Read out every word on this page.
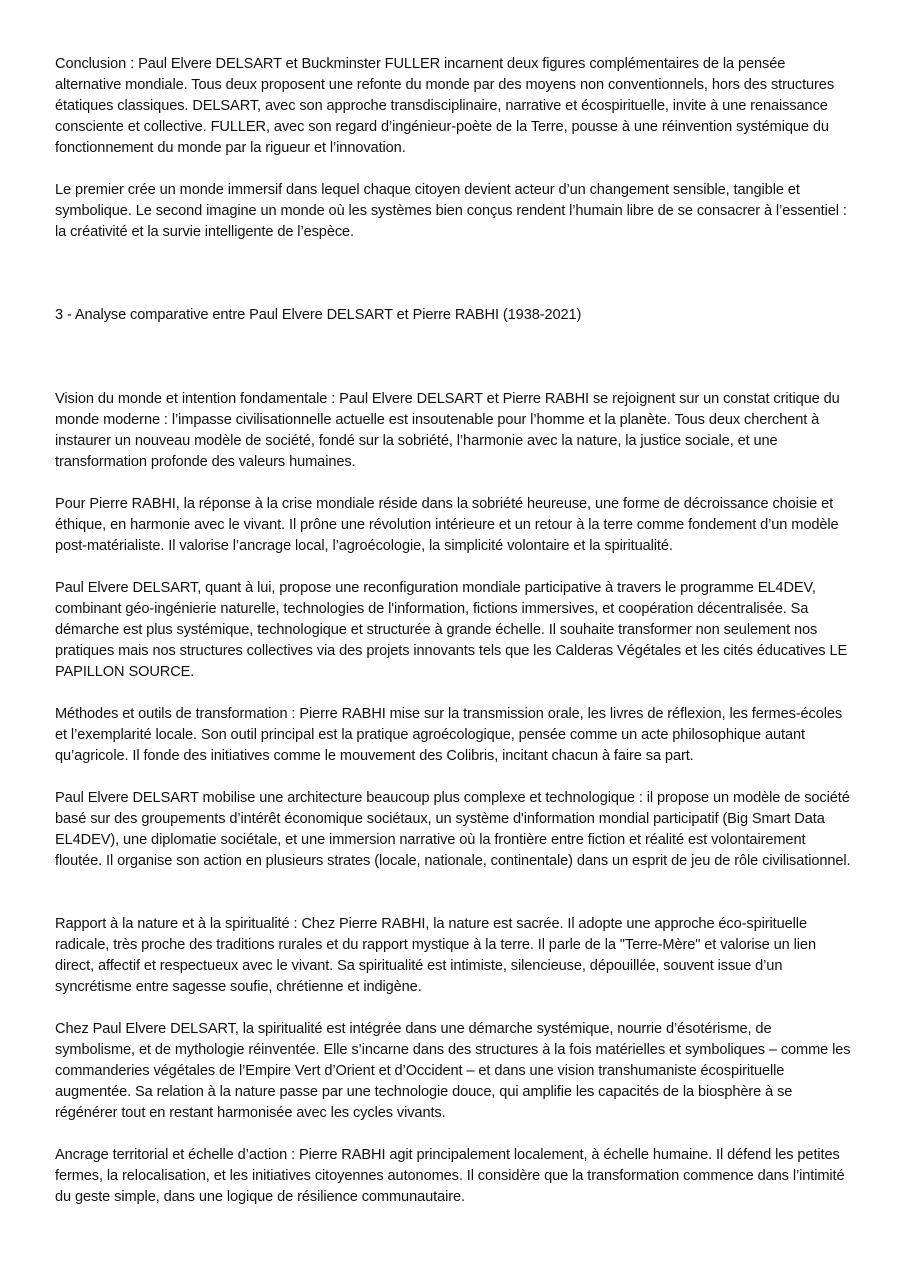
Conclusion : Paul Elvere DELSART et Buckminster FULLER incarnent deux figures complémentaires de la pensée alternative mondiale. Tous deux proposent une refonte du monde par des moyens non conventionnels, hors des structures étatiques classiques. DELSART, avec son approche transdisciplinaire, narrative et écospirituelle, invite à une renaissance consciente et collective. FULLER, avec son regard d’ingénieur-poète de la Terre, pousse à une réinvention systémique du fonctionnement du monde par la rigueur et l’innovation.

Le premier crée un monde immersif dans lequel chaque citoyen devient acteur d’un changement sensible, tangible et symbolique. Le second imagine un monde où les systèmes bien conçus rendent l’humain libre de se consacrer à l’essentiel : la créativité et la survie intelligente de l’espèce.

3 - Analyse comparative entre Paul Elvere DELSART et Pierre RABHI (1938-2021)

Vision du monde et intention fondamentale : Paul Elvere DELSART et Pierre RABHI se rejoignent sur un constat critique du monde moderne : l’impasse civilisationnelle actuelle est insoutenable pour l’homme et la planète. Tous deux cherchent à instaurer un nouveau modèle de société, fondé sur la sobriété, l’harmonie avec la nature, la justice sociale, et une transformation profonde des valeurs humaines.

Pour Pierre RABHI, la réponse à la crise mondiale réside dans la sobriété heureuse, une forme de décroissance choisie et éthique, en harmonie avec le vivant. Il prône une révolution intérieure et un retour à la terre comme fondement d’un modèle post-matérialiste. Il valorise l’ancrage local, l’agroécologie, la simplicité volontaire et la spiritualité.

Paul Elvere DELSART, quant à lui, propose une reconfiguration mondiale participative à travers le programme EL4DEV, combinant géo-ingénierie naturelle, technologies de l'information, fictions immersives, et coopération décentralisée. Sa démarche est plus systémique, technologique et structurée à grande échelle. Il souhaite transformer non seulement nos pratiques mais nos structures collectives via des projets innovants tels que les Calderas Végétales et les cités éducatives LE PAPILLON SOURCE.

Méthodes et outils de transformation : Pierre RABHI mise sur la transmission orale, les livres de réflexion, les fermes-écoles et l’exemplarité locale. Son outil principal est la pratique agroécologique, pensée comme un acte philosophique autant qu’agricole. Il fonde des initiatives comme le mouvement des Colibris, incitant chacun à faire sa part.

Paul Elvere DELSART mobilise une architecture beaucoup plus complexe et technologique : il propose un modèle de société basé sur des groupements d’intérêt économique sociétaux, un système d'information mondial participatif (Big Smart Data EL4DEV), une diplomatie sociétale, et une immersion narrative où la frontière entre fiction et réalité est volontairement floutée. Il organise son action en plusieurs strates (locale, nationale, continentale) dans un esprit de jeu de rôle civilisationnel.

Rapport à la nature et à la spiritualité : Chez Pierre RABHI, la nature est sacrée. Il adopte une approche éco-spirituelle radicale, très proche des traditions rurales et du rapport mystique à la terre. Il parle de la "Terre-Mère" et valorise un lien direct, affectif et respectueux avec le vivant. Sa spiritualité est intimiste, silencieuse, dépouillée, souvent issue d’un syncrétisme entre sagesse soufie, chrétienne et indigène.

Chez Paul Elvere DELSART, la spiritualité est intégrée dans une démarche systémique, nourrie d’ésotérisme, de symbolisme, et de mythologie réinventée. Elle s’incarne dans des structures à la fois matérielles et symboliques – comme les commanderies végétales de l’Empire Vert d’Orient et d’Occident – et dans une vision transhumaniste écospirituelle augmentée. Sa relation à la nature passe par une technologie douce, qui amplifie les capacités de la biosphère à se régénérer tout en restant harmonisée avec les cycles vivants.

Ancrage territorial et échelle d’action : Pierre RABHI agit principalement localement, à échelle humaine. Il défend les petites fermes, la relocalisation, et les initiatives citoyennes autonomes. Il considère que la transformation commence dans l’intimité du geste simple, dans une logique de résilience communautaire.
